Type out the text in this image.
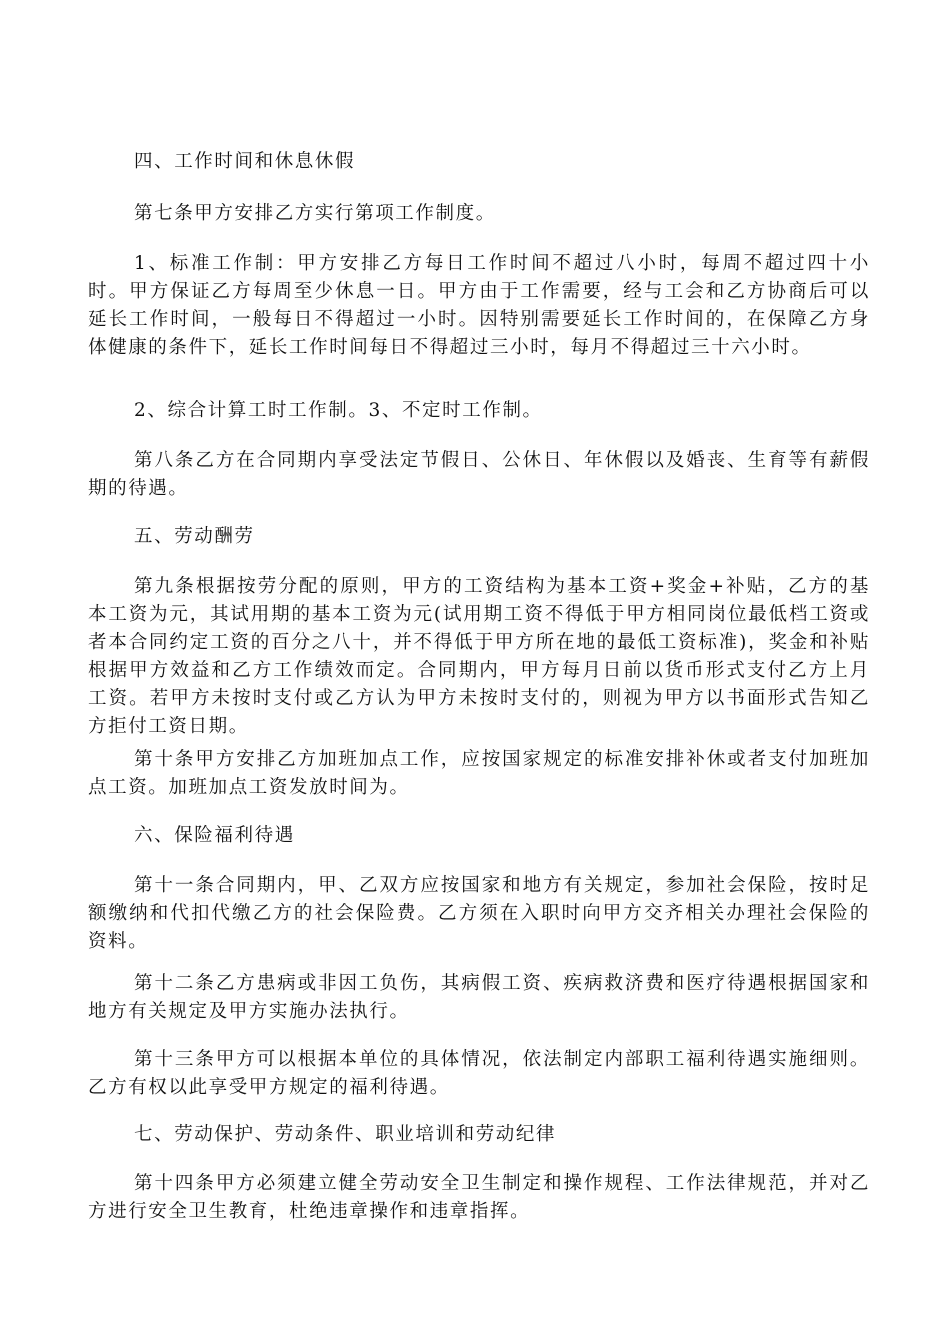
四、工作时间和休息休假

第七条甲方安排乙方实行第项工作制度。

1、标准工作制：甲方安排乙方每日工作时间不超过八小时，每周不超过四十小时。甲方保证乙方每周至少休息一日。甲方由于工作需要，经与工会和乙方协商后可以延长工作时间，一般每日不得超过一小时。因特别需要延长工作时间的，在保障乙方身体健康的条件下，延长工作时间每日不得超过三小时，每月不得超过三十六小时。

2、综合计算工时工作制。3、不定时工作制。

第八条乙方在合同期内享受法定节假日、公休日、年休假以及婚丧、生育等有薪假期的待遇。

五、劳动酬劳

第九条根据按劳分配的原则，甲方的工资结构为基本工资+奖金+补贴，乙方的基本工资为元，其试用期的基本工资为元(试用期工资不得低于甲方相同岗位最低档工资或者本合同约定工资的百分之八十，并不得低于甲方所在地的最低工资标准)，奖金和补贴根据甲方效益和乙方工作绩效而定。合同期内，甲方每月日前以货币形式支付乙方上月工资。若甲方未按时支付或乙方认为甲方未按时支付的，则视为甲方以书面形式告知乙方拒付工资日期。

第十条甲方安排乙方加班加点工作，应按国家规定的标准安排补休或者支付加班加点工资。加班加点工资发放时间为。

六、保险福利待遇

第十一条合同期内，甲、乙双方应按国家和地方有关规定，参加社会保险，按时足额缴纳和代扣代缴乙方的社会保险费。乙方须在入职时向甲方交齐相关办理社会保险的资料。

第十二条乙方患病或非因工负伤，其病假工资、疾病救济费和医疗待遇根据国家和地方有关规定及甲方实施办法执行。

第十三条甲方可以根据本单位的具体情况，依法制定内部职工福利待遇实施细则。乙方有权以此享受甲方规定的福利待遇。

七、劳动保护、劳动条件、职业培训和劳动纪律

第十四条甲方必须建立健全劳动安全卫生制定和操作规程、工作法律规范，并对乙方进行安全卫生教育，杜绝违章操作和违章指挥。
